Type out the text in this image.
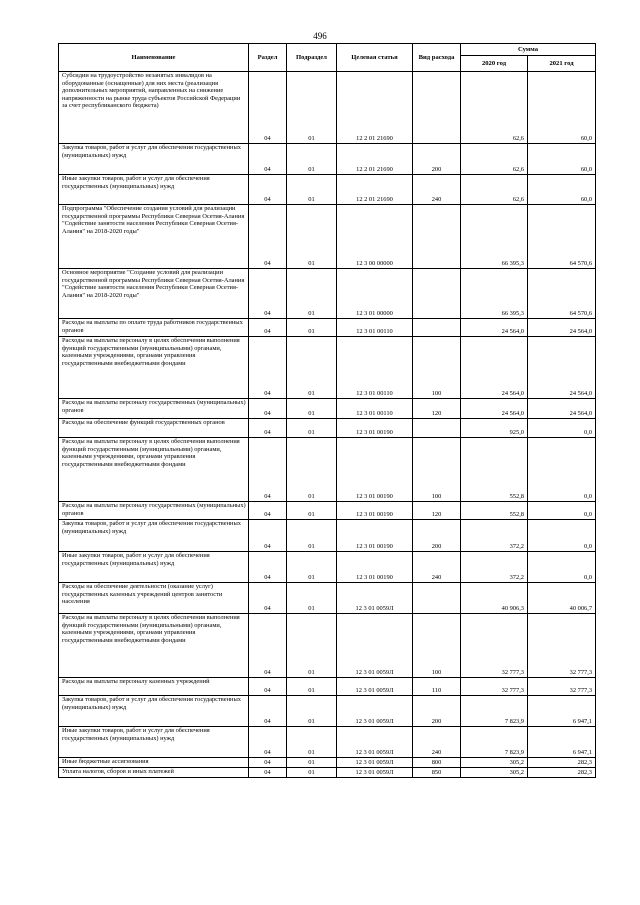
496
Наименование	Раздел	Подраздел	Целевая статья	Вид расхода	Сумма	
					2020 год	2021 год
Субсидии на трудоустройство незанятых инвалидов на оборудованные (оснащенные) для них места (реализация дополнительных мероприятий, направленных на снижение напряженности на рынке труда субъектов Российской Федерации за счет республиканского бюджета)	04	01	12 2 01 21690		62,6	60,0
Закупка товаров, работ и услуг для обеспечения государственных (муниципальных) нужд	04	01	12 2 01 21690	200	62,6	60,0
Иные закупки товаров, работ и услуг для обеспечения государственных (муниципальных) нужд	04	01	12 2 01 21690	240	62,6	60,0
Подпрограмма "Обеспечение создания условий для реализации государственной программы Республики Северная Осетия-Алания "Содействие занятости населения Республики Северная Осетия-Алания" на 2018-2020 годы"	04	01	12 3 00 00000		66 395,3	64 570,6
Основное мероприятие "Создание условий для реализации государственной программы Республики Северная Осетия-Алания "Содействие занятости населения Республики Северная Осетия-Алания" на 2018-2020 годы"	04	01	12 3 01 00000		66 395,3	64 570,6
Расходы на выплаты по оплате труда работников государственных органов	04	01	12 3 01 00110		24 564,0	24 564,0
Расходы на выплаты персоналу в целях обеспечения выполнения функций государственными (муниципальными) органами, казенными учреждениями, органами управления государственными внебюджетными фондами	04	01	12 3 01 00110	100	24 564,0	24 564,0
Расходы на выплаты персоналу государственных (муниципальных) органов	04	01	12 3 01 00110	120	24 564,0	24 564,0
Расходы на обеспечение функций государственных органов	04	01	12 3 01 00190		925,0	0,0
Расходы на выплаты персоналу в целях обеспечения выполнения функций государственными (муниципальными) органами, казенными учреждениями, органами управления государственными внебюджетными фондами	04	01	12 3 01 00190	100	552,8	0,0
Расходы на выплаты персоналу государственных (муниципальных) органов	04	01	12 3 01 00190	120	552,8	0,0
Закупка товаров, работ и услуг для обеспечения государственных (муниципальных) нужд	04	01	12 3 01 00190	200	372,2	0,0
Иные закупки товаров, работ и услуг для обеспечения государственных (муниципальных) нужд	04	01	12 3 01 00190	240	372,2	0,0
Расходы на обеспечение деятельности (оказание услуг) государственных казенных учреждений центров занятости населения	04	01	12 3 01 0059Л		40 906,3	40 006,7
Расходы на выплаты персоналу в целях обеспечения выполнения функций государственными (муниципальными) органами, казенными учреждениями, органами управления государственными внебюджетными фондами	04	01	12 3 01 0059Л	100	32 777,3	32 777,3
Расходы на выплаты персоналу казенных учреждений	04	01	12 3 01 0059Л	110	32 777,3	32 777,3
Закупка товаров, работ и услуг для обеспечения государственных (муниципальных) нужд	04	01	12 3 01 0059Л	200	7 823,9	6 947,1
Иные закупки товаров, работ и услуг для обеспечения государственных (муниципальных) нужд	04	01	12 3 01 0059Л	240	7 823,9	6 947,1
Иные бюджетные ассигнования	04	01	12 3 01 0059Л	800	305,2	282,3
Уплата налогов, сборов и иных платежей	04	01	12 3 01 0059Л	850	305,2	282,3
